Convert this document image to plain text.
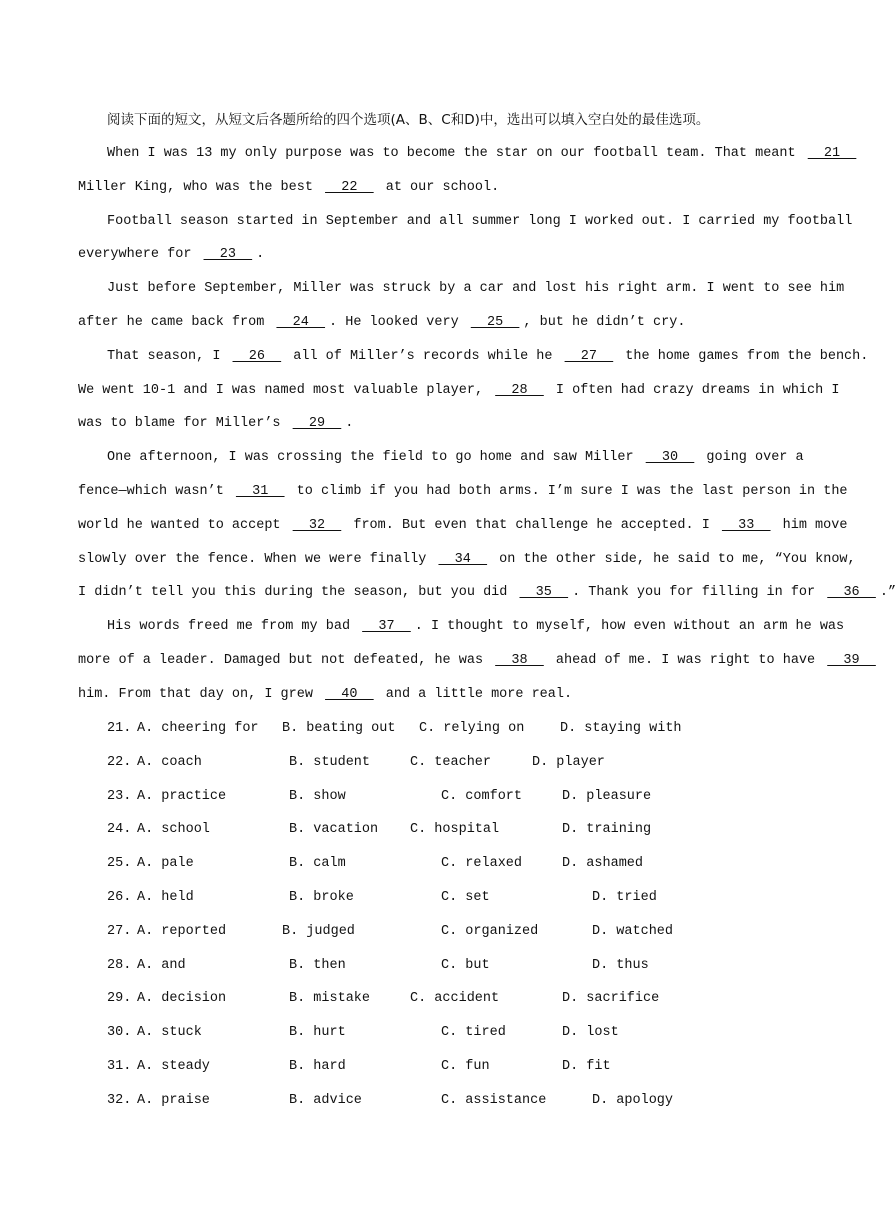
阅读下面的短文，从短文后各题所给的四个选项(A、B、C和D)中，选出可以填入空白处的最佳选项。
When I was 13 my only purpose was to become the star on our football team. That meant   21
Miller King, who was the best   22   at our school.
Football season started in September and all summer long I worked out. I carried my football
everywhere for   23  .
Just before September, Miller was struck by a car and lost his right arm. I went to see him
after he came back from   24  . He looked very   25  , but he didn’t cry.
That season, I   26   all of Miller’s records while he   27   the home games from the bench.
We went 10-1 and I was named most valuable player,   28   I often had crazy dreams in which I
was to blame for Miller’s   29  .
One afternoon, I was crossing the field to go home and saw Miller   30   going over a
fence—which wasn’t   31   to climb if you had both arms. I’m sure I was the last person in the
world he wanted to accept   32   from. But even that challenge he accepted. I   33   him move
slowly over the fence. When we were finally   34   on the other side, he said to me, “You know,
I didn’t tell you this during the season, but you did   35  . Thank you for filling in for   36  .”
His words freed me from my bad   37  . I thought to myself, how even without an arm he was
more of a leader. Damaged but not defeated, he was   38   ahead of me. I was right to have   39
him. From that day on, I grew   40   and a little more real.
21. A. cheering for B. beating out C. relying on	D. staying with
22. A. coach	B. student	C. teacher	D. player
23. A. practice	B. show	C. comfort	D. pleasure
24. A. school	B. vacation C. hospital	D. training
25. A. pale	B. calm	C. relaxed	D. ashamed
26. A. held	B. broke	C. set	D. tried
27. A. reported	B. judged	C. organized	D. watched
28. A. and	B. then	C. but	D. thus
29. A. decision	B. mistake	C. accident	D. sacrifice
30. A. stuck	B. hurt	C. tired	D. lost
31. A. steady	B. hard	C. fun	D. fit
32. A. praise	B. advice	C. assistance	D. apology
